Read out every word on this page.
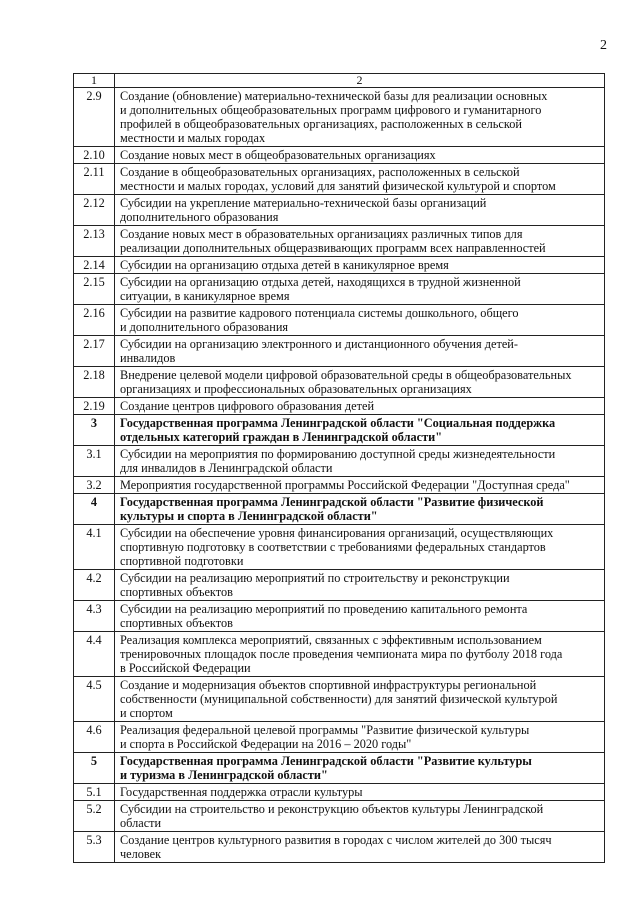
2
1	2
2.9	Создание (обновление) материально-технической базы для реализации основных
и дополнительных общеобразовательных программ цифрового и гуманитарного
профилей в общеобразовательных организациях, расположенных в сельской
местности и малых городах
2.10	Создание новых мест в общеобразовательных организациях
2.11	Создание в общеобразовательных организациях, расположенных в сельской
местности и малых городах, условий для занятий физической культурой и спортом
2.12	Субсидии на укрепление материально-технической базы организаций
дополнительного образования
2.13	Создание новых мест в образовательных организациях различных типов для
реализации дополнительных общеразвивающих программ всех направленностей
2.14	Субсидии на организацию отдыха детей в каникулярное время
2.15	Субсидии на организацию отдыха детей, находящихся в трудной жизненной
ситуации, в каникулярное время
2.16	Субсидии на развитие кадрового потенциала системы дошкольного, общего
и дополнительного образования
2.17	Субсидии на организацию электронного и дистанционного обучения детей-
инвалидов
2.18	Внедрение целевой модели цифровой образовательной среды в общеобразовательных
организациях и профессиональных образовательных организациях
2.19	Создание центров цифрового образования детей
3	Государственная программа Ленинградской области "Социальная поддержка
отдельных категорий граждан в Ленинградской области"
3.1	Субсидии на мероприятия по формированию доступной среды жизнедеятельности
для инвалидов в Ленинградской области
3.2	Мероприятия государственной программы Российской Федерации "Доступная среда"
4	Государственная программа Ленинградской области "Развитие физической
культуры и спорта в Ленинградской области"
4.1	Субсидии на обеспечение уровня финансирования организаций, осуществляющих
спортивную подготовку в соответствии с требованиями федеральных стандартов
спортивной подготовки
4.2	Субсидии на реализацию мероприятий по строительству и реконструкции
спортивных объектов
4.3	Субсидии на реализацию мероприятий по проведению капитального ремонта
спортивных объектов
4.4	Реализация комплекса мероприятий, связанных с эффективным использованием
тренировочных площадок после проведения чемпионата мира по футболу 2018 года
в Российской Федерации
4.5	Создание и модернизация объектов спортивной инфраструктуры региональной
собственности (муниципальной собственности) для занятий физической культурой
и спортом
4.6	Реализация федеральной целевой программы "Развитие физической культуры
и спорта в Российской Федерации на 2016 – 2020 годы"
5	Государственная программа Ленинградской области "Развитие культуры
и туризма в Ленинградской области"
5.1	Государственная поддержка отрасли культуры
5.2	Субсидии на строительство и реконструкцию объектов культуры Ленинградской
области
5.3	Создание центров культурного развития в городах с числом жителей до 300 тысяч
человек
